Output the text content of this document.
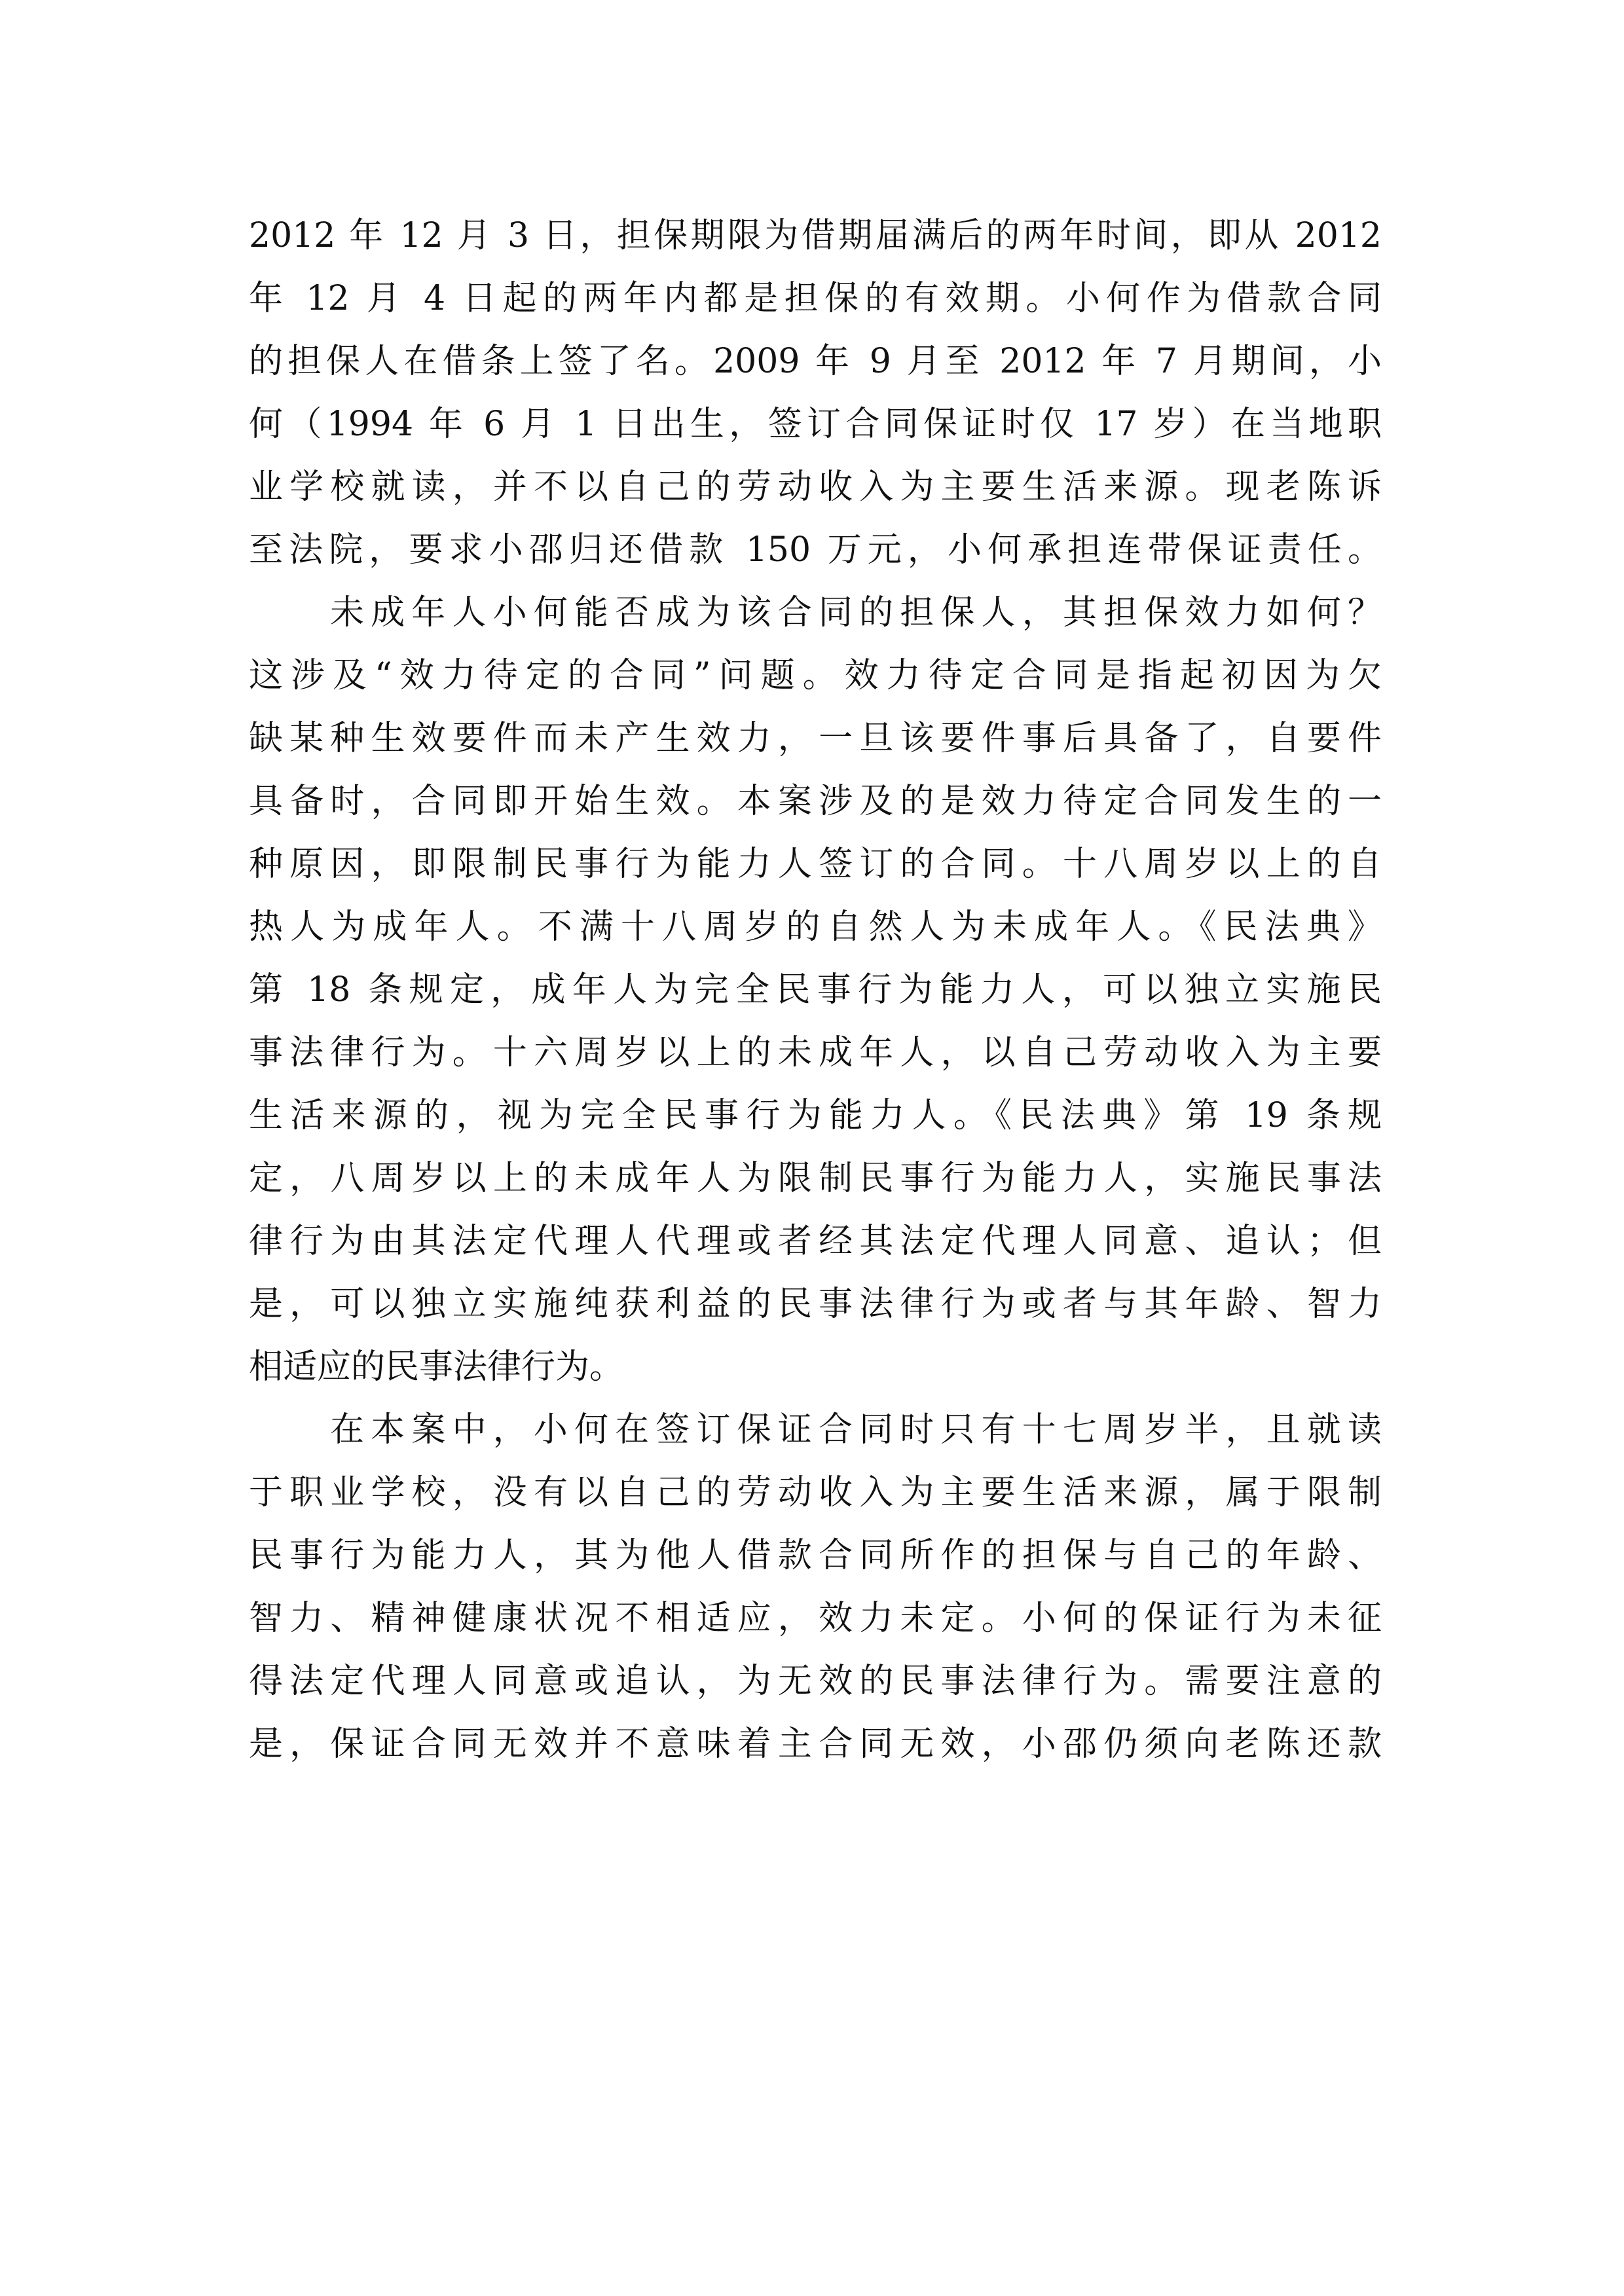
2012 年 12 月 3 日，担保期限为借期届满后的两年时间，即从 2012
年 12 月 4 日起的两年内都是担保的有效期。小何作为借款合同
的担保人在借条上签了名。2009 年 9 月至 2012 年 7 月期间，小
何（1994 年 6 月 1 日出生，签订合同保证时仅 17 岁）在当地职
业学校就读，并不以自己的劳动收入为主要生活来源。现老陈诉
至法院，要求小邵归还借款 150 万元，小何承担连带保证责任。

未成年人小何能否成为该合同的担保人，其担保效力如何？
这涉及“效力待定的合同”问题。效力待定合同是指起初因为欠
缺某种生效要件而未产生效力，一旦该要件事后具备了，自要件
具备时，合同即开始生效。本案涉及的是效力待定合同发生的一
种原因，即限制民事行为能力人签订的合同。十八周岁以上的自
热人为成年人。不满十八周岁的自然人为未成年人。《民法典》
第 18 条规定，成年人为完全民事行为能力人，可以独立实施民
事法律行为。十六周岁以上的未成年人，以自己劳动收入为主要
生活来源的，视为完全民事行为能力人。《民法典》第 19 条规
定，八周岁以上的未成年人为限制民事行为能力人，实施民事法
律行为由其法定代理人代理或者经其法定代理人同意、追认；但
是，可以独立实施纯获利益的民事法律行为或者与其年龄、智力
相适应的民事法律行为。

在本案中，小何在签订保证合同时只有十七周岁半，且就读
于职业学校，没有以自己的劳动收入为主要生活来源，属于限制
民事行为能力人，其为他人借款合同所作的担保与自己的年龄、
智力、精神健康状况不相适应，效力未定。小何的保证行为未征
得法定代理人同意或追认，为无效的民事法律行为。需要注意的
是，保证合同无效并不意味着主合同无效，小邵仍须向老陈还款
